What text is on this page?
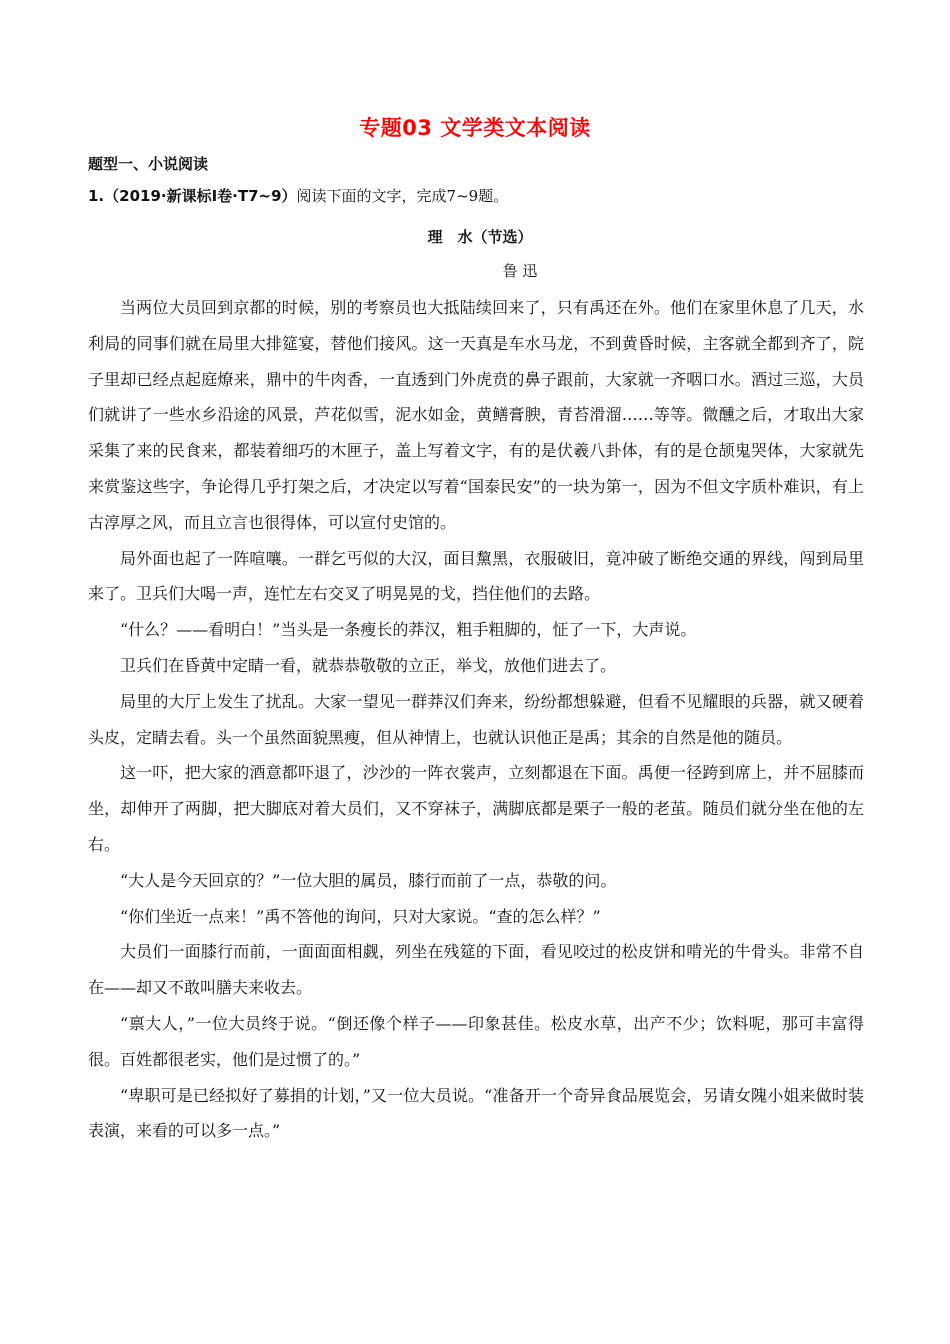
专题03 文学类文本阅读
题型一、小说阅读
1.（2019·新课标Ⅰ卷·T7~9）阅读下面的文字，完成7~9题。
理　水（节选）
鲁 迅

当两位大员回到京都的时候，别的考察员也大抵陆续回来了，只有禹还在外。他们在家里休息了几天，水利局的同事们就在局里大排筵宴，替他们接风。这一天真是车水马龙，不到黄昏时候，主客就全都到齐了，院子里却已经点起庭燎来，鼎中的牛肉香，一直透到门外虎贲的鼻子跟前，大家就一齐咽口水。酒过三巡，大员们就讲了一些水乡沿途的风景，芦花似雪，泥水如金，黄鳝膏腴，青苔滑溜……等等。微醺之后，才取出大家采集了来的民食来，都装着细巧的木匣子，盖上写着文字，有的是伏羲八卦体，有的是仓颉鬼哭体，大家就先来赏鉴这些字，争论得几乎打架之后，才决定以写着“国泰民安”的一块为第一，因为不但文字质朴难识，有上古淳厚之风，而且立言也很得体，可以宣付史馆的。

局外面也起了一阵喧嚷。一群乞丐似的大汉，面目黧黑，衣服破旧，竟冲破了断绝交通的界线，闯到局里来了。卫兵们大喝一声，连忙左右交叉了明晃晃的戈，挡住他们的去路。

“什么？——看明白！”当头是一条瘦长的莽汉，粗手粗脚的，怔了一下，大声说。

卫兵们在昏黄中定睛一看，就恭恭敬敬的立正，举戈，放他们进去了。

局里的大厅上发生了扰乱。大家一望见一群莽汉们奔来，纷纷都想躲避，但看不见耀眼的兵器，就又硬着头皮，定睛去看。头一个虽然面貌黑瘦，但从神情上，也就认识他正是禹；其余的自然是他的随员。

这一吓，把大家的酒意都吓退了，沙沙的一阵衣裳声，立刻都退在下面。禹便一径跨到席上，并不屈膝而坐，却伸开了两脚，把大脚底对着大员们，又不穿袜子，满脚底都是栗子一般的老茧。随员们就分坐在他的左右。

“大人是今天回京的？”一位大胆的属员，膝行而前了一点，恭敬的问。

“你们坐近一点来！”禹不答他的询问，只对大家说。“查的怎么样？”

大员们一面膝行而前，一面面面相觑，列坐在残筵的下面，看见咬过的松皮饼和啃光的牛骨头。非常不自在——却又不敢叫膳夫来收去。

“禀大人，”一位大员终于说。“倒还像个样子——印象甚佳。松皮水草，出产不少；饮料呢，那可丰富得很。百姓都很老实，他们是过惯了的。”

“卑职可是已经拟好了募捐的计划，”又一位大员说。“准备开一个奇异食品展览会，另请女隗小姐来做时装表演，来看的可以多一点。”
